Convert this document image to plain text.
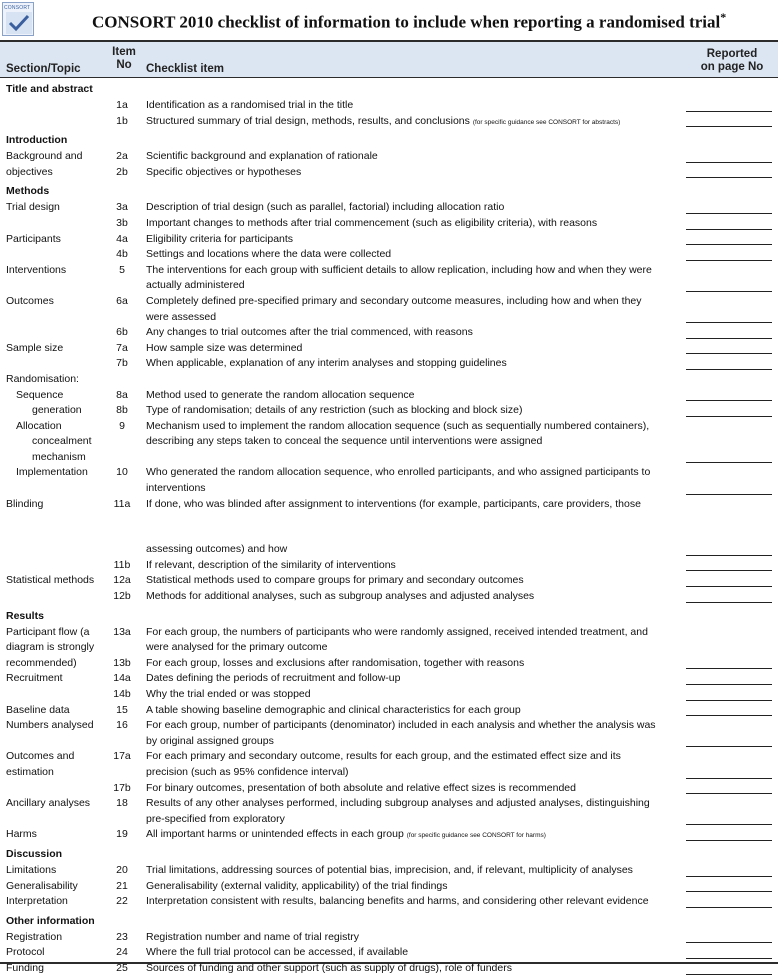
CONSORT
CONSORT 2010 checklist of information to include when reporting a randomised trial*
Section/Topic
Item
No	Checklist item
Reported
on page No
Title and abstract
1a	Identification as a randomised trial in the title
1b	Structured summary of trial design, methods, results, and conclusions (for specific guidance see CONSORT for abstracts)
Introduction
Background and	2a	Scientific background and explanation of rationale
objectives	2b	Specific objectives or hypotheses
Methods
Trial design	3a	Description of trial design (such as parallel, factorial) including allocation ratio
3b	Important changes to methods after trial commencement (such as eligibility criteria), with reasons
Participants	4a	Eligibility criteria for participants
4b	Settings and locations where the data were collected
Interventions	5	The interventions for each group with sufficient details to allow replication, including how and when they were
actually administered
Outcomes	6a	Completely defined pre-specified primary and secondary outcome measures, including how and when they
were assessed
6b	Any changes to trial outcomes after the trial commenced, with reasons
Sample size	7a	How sample size was determined
7b	When applicable, explanation of any interim analyses and stopping guidelines
Randomisation:
Sequence	8a	Method used to generate the random allocation sequence
generation	8b	Type of randomisation; details of any restriction (such as blocking and block size)
Allocation	9	Mechanism used to implement the random allocation sequence (such as sequentially numbered containers),
concealment	describing any steps taken to conceal the sequence until interventions were assigned
mechanism
Implementation	10	Who generated the random allocation sequence, who enrolled participants, and who assigned participants to
interventions
Blinding	11a	If done, who was blinded after assignment to interventions (for example, participants, care providers, those
assessing outcomes) and how
11b	If relevant, description of the similarity of interventions
Statistical methods	12a	Statistical methods used to compare groups for primary and secondary outcomes
12b	Methods for additional analyses, such as subgroup analyses and adjusted analyses
Results
Participant flow (a	13a	For each group, the numbers of participants who were randomly assigned, received intended treatment, and
diagram is strongly	were analysed for the primary outcome
recommended)	13b	For each group, losses and exclusions after randomisation, together with reasons
Recruitment	14a	Dates defining the periods of recruitment and follow-up
14b	Why the trial ended or was stopped
Baseline data	15	A table showing baseline demographic and clinical characteristics for each group
Numbers analysed	16	For each group, number of participants (denominator) included in each analysis and whether the analysis was
by original assigned groups
Outcomes and	17a	For each primary and secondary outcome, results for each group, and the estimated effect size and its
estimation	precision (such as 95% confidence interval)
17b	For binary outcomes, presentation of both absolute and relative effect sizes is recommended
Ancillary analyses	18	Results of any other analyses performed, including subgroup analyses and adjusted analyses, distinguishing
pre-specified from exploratory
Harms	19	All important harms or unintended effects in each group (for specific guidance see CONSORT for harms)
Discussion
Limitations	20	Trial limitations, addressing sources of potential bias, imprecision, and, if relevant, multiplicity of analyses
Generalisability	21	Generalisability (external validity, applicability) of the trial findings
Interpretation	22	Interpretation consistent with results, balancing benefits and harms, and considering other relevant evidence
Other information
Registration	23	Registration number and name of trial registry
Protocol	24	Where the full trial protocol can be accessed, if available
Funding	25	Sources of funding and other support (such as supply of drugs), role of funders
